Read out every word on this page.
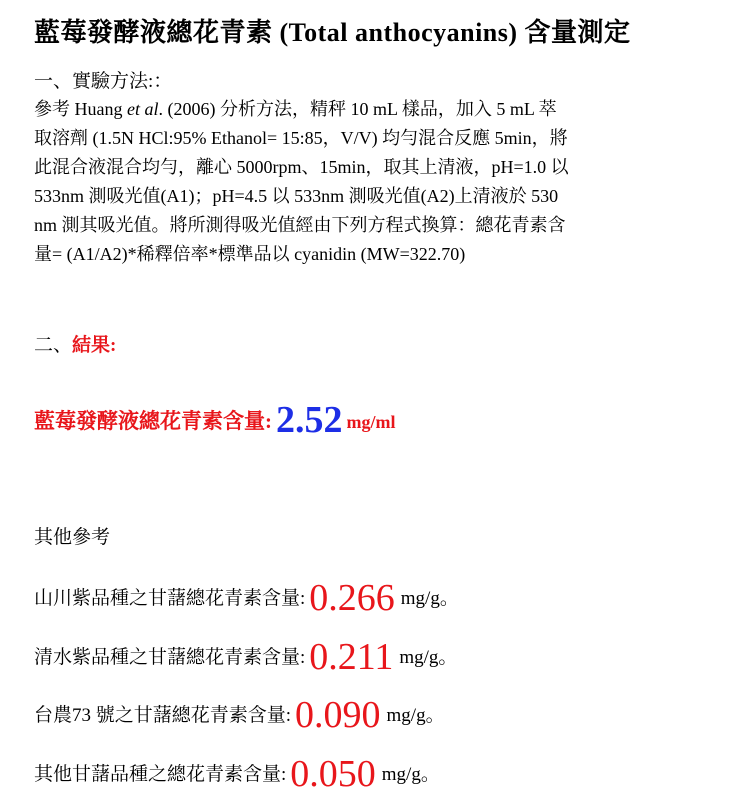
藍莓發酵液總花青素 (Total anthocyanins) 含量測定
一、實驗方法:：

參考 Huang et al. (2006) 分析方法，精秤 10 mL 樣品，加入 5 mL 萃
取溶劑 (1.5N HCl:95% Ethanol= 15:85，V/V) 均勻混合反應 5min，將
此混合液混合均勻，離心 5000rpm、15min，取其上清液，pH=1.0 以
533nm 測吸光值(A1)；pH=4.5 以 533nm 測吸光值(A2)上清液於 530
nm 測其吸光值。將所測得吸光值經由下列方程式換算：總花青素含
量= (A1/A2)*稀釋倍率*標準品以 cyanidin (MW=322.70)

二、結果:
藍莓發酵液總花青素含量: 2.52 mg/ml
其他參考
山川紫品種之甘藷總花青素含量: 0.266 mg/g。
清水紫品種之甘藷總花青素含量: 0.211 mg/g。
台農73 號之甘藷總花青素含量: 0.090 mg/g。
其他甘藷品種之總花青素含量: 0.050 mg/g。
